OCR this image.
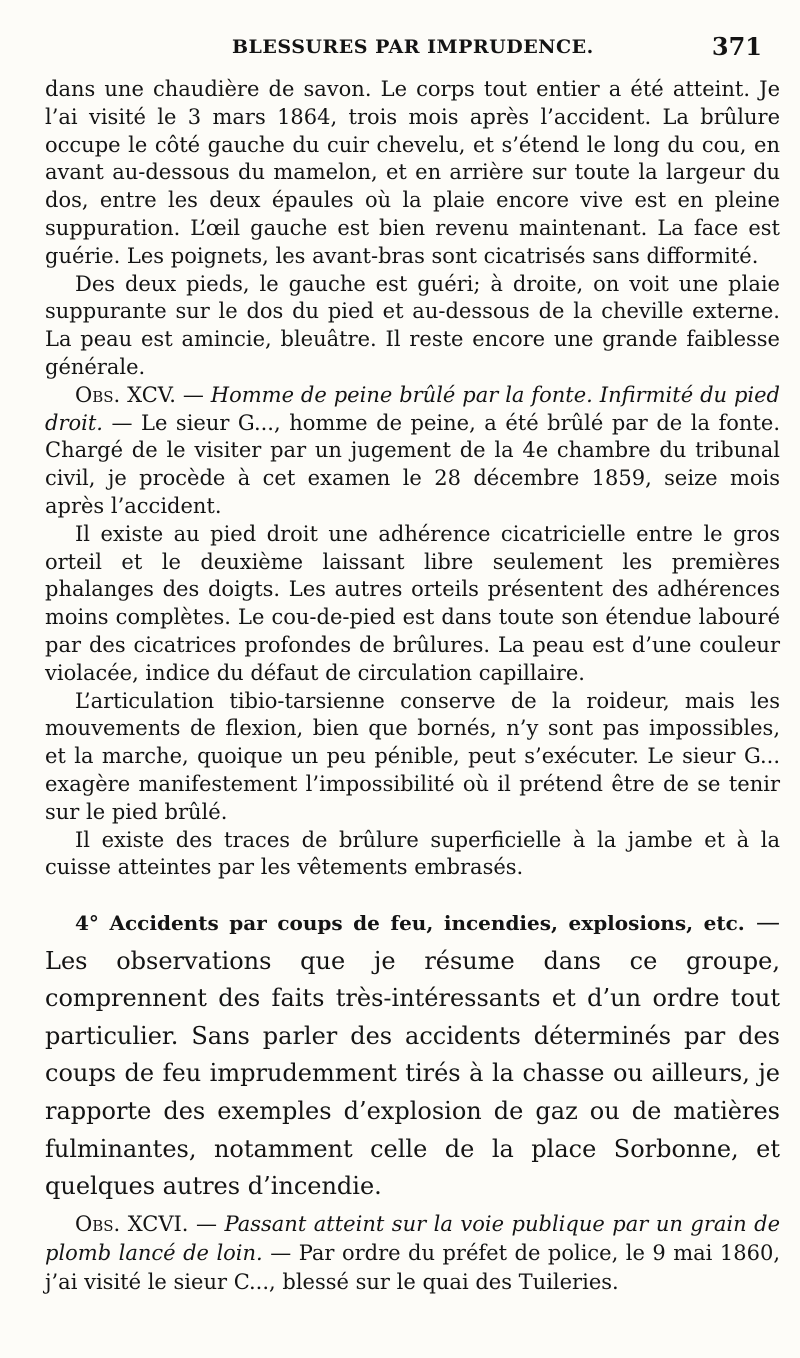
BLESSURES PAR IMPRUDENCE.	371

dans une chaudière de savon. Le corps tout entier a été atteint. Je l’ai visité le 3 mars 1864, trois mois après l’accident. La brûlure occupe le côté gauche du cuir chevelu, et s’étend le long du cou, en avant au-dessous du mamelon, et en arrière sur toute la largeur du dos, entre les deux épaules où la plaie encore vive est en pleine suppuration. L’œil gauche est bien revenu maintenant. La face est guérie. Les poignets, les avant-bras sont cicatrisés sans difformité.

Des deux pieds, le gauche est guéri; à droite, on voit une plaie suppurante sur le dos du pied et au-dessous de la cheville externe. La peau est amincie, bleuâtre. Il reste encore une grande faiblesse générale.

Obs. XCV. — Homme de peine brûlé par la fonte. Infirmité du pied droit. — Le sieur G..., homme de peine, a été brûlé par de la fonte. Chargé de le visiter par un jugement de la 4e chambre du tribunal civil, je procède à cet examen le 28 décembre 1859, seize mois après l’accident.

Il existe au pied droit une adhérence cicatricielle entre le gros orteil et le deuxième laissant libre seulement les premières phalanges des doigts. Les autres orteils présentent des adhérences moins complètes. Le cou-de-pied est dans toute son étendue labouré par des cicatrices profondes de brûlures. La peau est d’une couleur violacée, indice du défaut de circulation capillaire.

L’articulation tibio-tarsienne conserve de la roideur, mais les mouvements de flexion, bien que bornés, n’y sont pas impossibles, et la marche, quoique un peu pénible, peut s’exécuter. Le sieur G... exagère manifestement l’impossibilité où il prétend être de se tenir sur le pied brûlé.

Il existe des traces de brûlure superficielle à la jambe et à la cuisse atteintes par les vêtements embrasés.

4° Accidents par coups de feu, incendies, explosions, etc. — Les observations que je résume dans ce groupe, comprennent des faits très-intéressants et d’un ordre tout particulier. Sans parler des accidents déterminés par des coups de feu imprudemment tirés à la chasse ou ailleurs, je rapporte des exemples d’explosion de gaz ou de matières fulminantes, notamment celle de la place Sorbonne, et quelques autres d’incendie.

Obs. XCVI. — Passant atteint sur la voie publique par un grain de plomb lancé de loin. — Par ordre du préfet de police, le 9 mai 1860, j’ai visité le sieur C..., blessé sur le quai des Tuileries.
